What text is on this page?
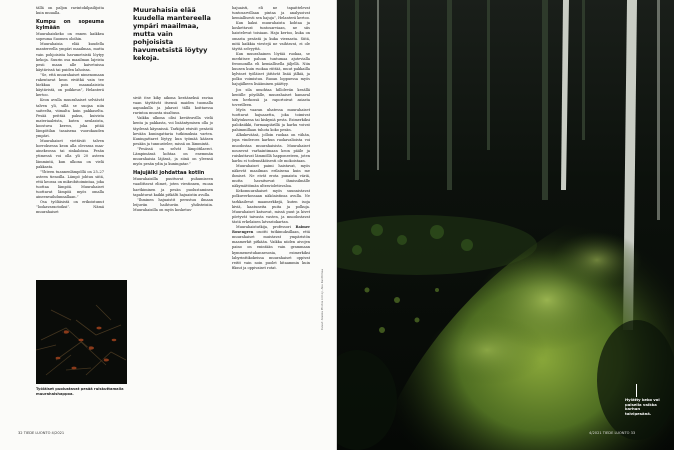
tällä on paljon ravintokilpailijoita kuin muualla.

Kumpu on sopeuma kylmään

Muurahaiskeko on ennen kaikkea sopeuma Suomen oloihin.

Muurahaisia elää kuudella mantereella ympäri maailmaa, mutta vain pohjoisista havumetsistä löytyy kekoja. Suurin osa maailman lajeista pesii maan alle kaivetuissa käytävissä tai puiden lahoissa.

”Se, että muurahaiset nimenomaan rakentavat keon eivätkä vain tee hiekkaa pois maanalaisista käytävistä, on poikkeus”, Helanterä kertoo.

Keon avulla muurahaiset selviävät talven yli, sillä se suojaa niin saiteelta, viimalta kuin pakkaselta. Pesää peittää paksu, kuivista materiaaleista, kuten neulasista, koostuva kerros, joka pitää lämpötilan tasaisena vuorokauden ympäri.

Muurahaiset viettävät talven horroksessa keon alla olevassa maa-ainekeossa tai sinkaloissa. Pesän ytimessä voi olla yli 20 asteen lämmintä, kun ulkona on vielä pakkasta.

”Yhteen tuannenlämpöllä on 25–27 asteen tienoilla. Lämpö johtuu siitä, että keossa on mikrobitoimintaa, joka tuottaa lämpöä. Muurahaiset tuottavat lämpöä myös omalla aineenvaihdunnallaan.”

Osa työläisistä on erikoistunut ”lookavaraotoiksi”. Nämä muurahaiset

Muurahaisia elää kuudella mantereella ympäri maailmaa, mutta vain pohjoisista havumetsistä löytyy kekoja.

sivät itse kiky aikona kerääneksä raviaa vaan täyttävät itsensä maiden tuomalla aapuakulla ja jakavat tällä koittaessa ravintoa muusta sisaltuus.

Vaikka ulkona olisi kevätravilla vielä kenta ja pakkasta, voi lisääntymisen olla jo täydessä käynnissä. Tarkijat etsivät pesästä kevään kuningattaria tutkimuksia varten. Kuningattaret löytyy, kun työmää kääsen pesään ja tunnustelee, missä on lämmintä.

”Pesässä on selvät lämpötilaerot. Lämpimässä kohtaa on enemmän muurahaisia läjässä, ja siinä on yleensä myös pesän ydin ja kuningatar.”

Hajujälki johdattaa kotiin

Muurahaisilla puuttuvat puhumiseen vaadittavat elimet, joten viestinnen, ruoan haetkiminen ja pesän puolustaminen tapahtuvat kaikki pitkälti hajuaistin avulla.

”Ihminen hajuaistit perustuu ilmaan leijuviin haihtuviin yhdisteisiin. Muurahaisilla on myös kosketus-

hajuaisti, eli ne tapaittelevat tuntosarvillaan pintaa ja analysoivat kemiallisesti sen hajuja”, Helanterä kertoo.

Kun kaksi muurahaista kohtaa ja koskettavat tuntosarviaan, ne siis haistelevat toisiaan. Haju kertoo, kuka on omasta pesästä ja kuka vieraasta. Siitä, mitä kaikkia viestejä ne vaihtavat, ei ole täyttä selvyyttä.

Kun muurahainen löytää ruokaa, se merkitsee paluun tuntumaa ajutevialla feromonilla eli kemiallisella jäljellä. Niin kuusen kuin ruokaa riittää, muut pakkailla kylvinet työläiset jättävät lisää jälkiä, ja polku voimistuu. Ruoan loppuessa myös hajujälkeen lisääminen päättyy.

Jos sila umohtaa hillolevän kesällä kentille pöydälle, muurahaiset hamaval sen herkossä ja raportoivat asiasta toverilleen.

Myös vaaran uhatessa muurahaiset tuottavat hajuaaetta, joka toimivat hälytuksena tai kiskyniä pesta. Esimerkiksi paloksiikki, furmaapiärillä ja karhu voivat pahimmillaan tuhota koko pesän.

Alkukevääsä, jolloin ruokaa on vähän, jopa vinderoes karhun ruokavalioista voi muodostaa muurahaisista. Muurahaiset nousevat varhaintimaan keon pääle ja ruiskuttavat lämmöllä happonesteen, joten karhu ei todennäköisesti ole mokoistaan.

Muurahaiset paimi haistavat, myös näkevät maailman erilaisena kuin me ihmiset. Ne eivät erota punaista väriä, mutta havaitsevat ihmissilmälle näkymättömän ultravioletisvaloa.

Kekomuurahaiset myös suunnistavat polkuverkossaan näköaistinsa avulla. Ne tarkkailevat maamerkkejä, kuten isoja kiviä, kaatuneita puita ja polkuja. Muurahaiset katsovat, missä puut ja kivet pörtyvät taivasta vasten, ja muodostavat tästä erkelaisen latvastokartan.

Muurahaistutkija, professori Raimer Rosengren osoitti tutkimuksillaan, että muurahaiset muistavat ympäristön maamerkit pitkään. Vaikka niiden aivojen paino on enintään vain grammaan kymmenestuhannesosia, esimerkiksi labyrinttikokeissa muurahaiset oppivat reitit vain noin puolet hitaammin kuin fiksut ja oppivaiset rotat.

Työläiset puolustavat pesää ruiskuttamalla muurahaishappoa.
32 TIEDE LUONTO 4/2021
Kuvat: Alaska Photos Ltd oy, Aku Kanttimaa
Hylätty keko voi paisella vaikka karhun talvipesänä.
4/2021 TIEDE LUONTO 33
